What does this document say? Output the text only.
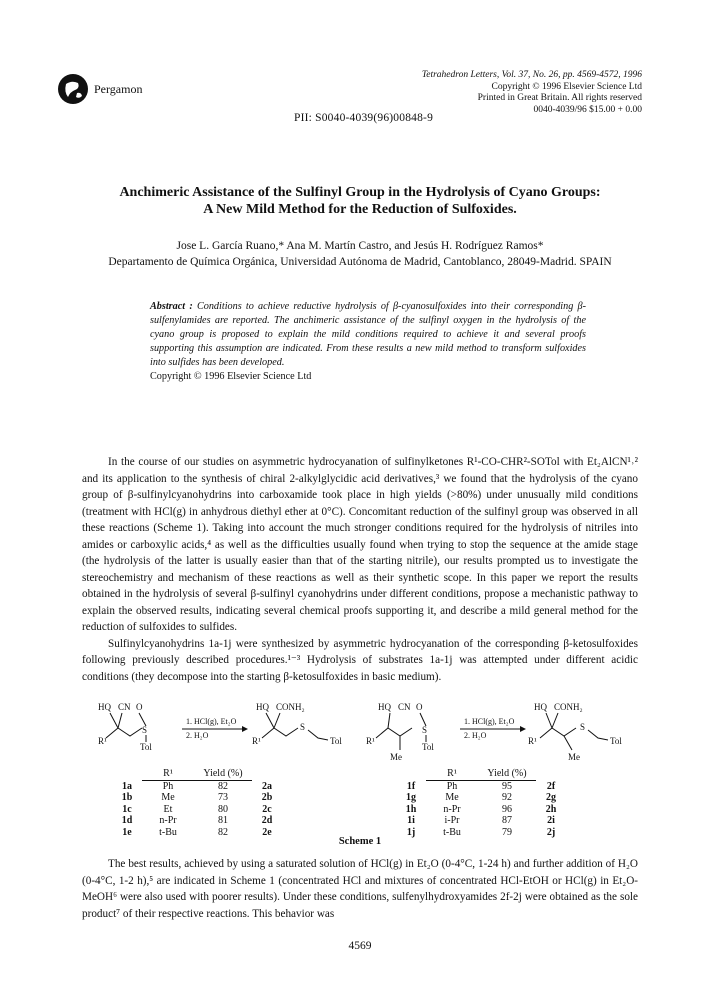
Pergamon
Tetrahedron Letters, Vol. 37, No. 26, pp. 4569-4572, 1996
Copyright © 1996 Elsevier Science Ltd
Printed in Great Britain. All rights reserved
0040-4039/96 $15.00 + 0.00
PII: S0040-4039(96)00848-9
Anchimeric Assistance of the Sulfinyl Group in the Hydrolysis of Cyano Groups:
A New Mild Method for the Reduction of Sulfoxides.
Jose L. García Ruano,* Ana M. Martín Castro, and Jesús H. Rodríguez Ramos*
Departamento de Química Orgánica, Universidad Autónoma de Madrid, Cantoblanco, 28049-Madrid. SPAIN
Abstract : Conditions to achieve reductive hydrolysis of β-cyanosulfoxides into their corresponding β-sulfenylamides are reported. The anchimeric assistance of the sulfinyl oxygen in the hydrolysis of the cyano group is proposed to explain the mild conditions required to achieve it and several proofs supporting this assumption are indicated. From these results a new mild method to transform sulfoxides into sulfides has been developed.
Copyright © 1996 Elsevier Science Ltd

In the course of our studies on asymmetric hydrocyanation of sulfinylketones R¹-CO-CHR²-SOTol with Et₂AlCN¹˒² and its application to the synthesis of chiral 2-alkylglycidic acid derivatives,³ we found that the hydrolysis of the cyano group of β-sulfinylcyanohydrins into carboxamide took place in high yields (>80%) under unusually mild conditions (treatment with HCl(g) in anhydrous diethyl ether at 0°C). Concomitant reduction of the sulfinyl group was observed in all these reactions (Scheme 1). Taking into account the much stronger conditions required for the hydrolysis of nitriles into amides or carboxylic acids,⁴ as well as the difficulties usually found when trying to stop the sequence at the amide stage (the hydrolysis of the latter is usually easier than that of the starting nitrile), our results prompted us to investigate the stereochemistry and mechanism of these reactions as well as their synthetic scope. In this paper we report the results obtained in the hydrolysis of several β-sulfinyl cyanohydrins under different conditions, propose a mechanistic pathway to explain the observed results, indicating several chemical proofs supporting it, and describe a mild general method for the reduction of sulfoxides to sulfides.

Sulfinylcyanohydrins 1a-1j were synthesized by asymmetric hydrocyanation of the corresponding β-ketosulfoxides following previously described procedures.¹⁻³ Hydrolysis of substrates 1a-1j was attempted under different acidic conditions (they decompose into the starting β-ketosulfoxides in basic medium).

HQ CN O
R¹
S
Tol
1. HCl(g), Et₂O
2. H₂O
HQ CONH₂
R¹
S
Tol
HQ CN O
R¹
S
Tol
Me
1. HCl(g), Et₂O
2. H₂O
HQ CONH₂
R¹
S
Tol
Me
	R¹	Yield (%)	
1a	Ph	82	2a
1b	Me	73	2b
1c	Et	80	2c
1d	n-Pr	81	2d
1e	t-Bu	82	2e
	R¹	Yield (%)	
1f	Ph	95	2f
1g	Me	92	2g
1h	n-Pr	96	2h
1i	i-Pr	87	2i
1j	t-Bu	79	2j
Scheme 1

The best results, achieved by using a saturated solution of HCl(g) in Et₂O (0-4°C, 1-24 h) and further addition of H₂O (0-4°C, 1-2 h),⁵ are indicated in Scheme 1 (concentrated HCl and mixtures of concentrated HCl-EtOH or HCl(g) in Et₂O-MeOH⁶ were also used with poorer results). Under these conditions, sulfenylhydroxyamides 2f-2j were obtained as the sole product⁷ of their respective reactions. This behavior was

4569
